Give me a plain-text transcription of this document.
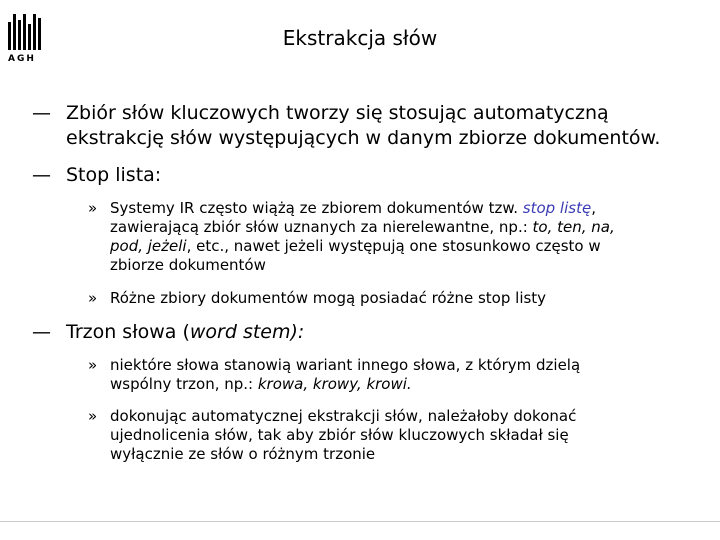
AGH
Ekstrakcja słów
— Zbiór słów kluczowych tworzy się stosując automatyczną
ekstrakcję słów występujących w danym zbiorze dokumentów.
— Stop lista:
» Systemy IR często wiążą ze zbiorem dokumentów tzw. stop listę,
zawierającą zbiór słów uznanych za nierelewantne, np.: to, ten, na,
pod, jeżeli, etc., nawet jeżeli występują one stosunkowo często w
zbiorze dokumentów
» Różne zbiory dokumentów mogą posiadać różne stop listy
— Trzon słowa (word stem):
» niektóre słowa stanowią wariant innego słowa, z którym dzielą
wspólny trzon, np.: krowa, krowy, krowi.
» dokonując automatycznej ekstrakcji słów, należałoby dokonać
ujednolicenia słów, tak aby zbiór słów kluczowych składał się
wyłącznie ze słów o różnym trzonie
